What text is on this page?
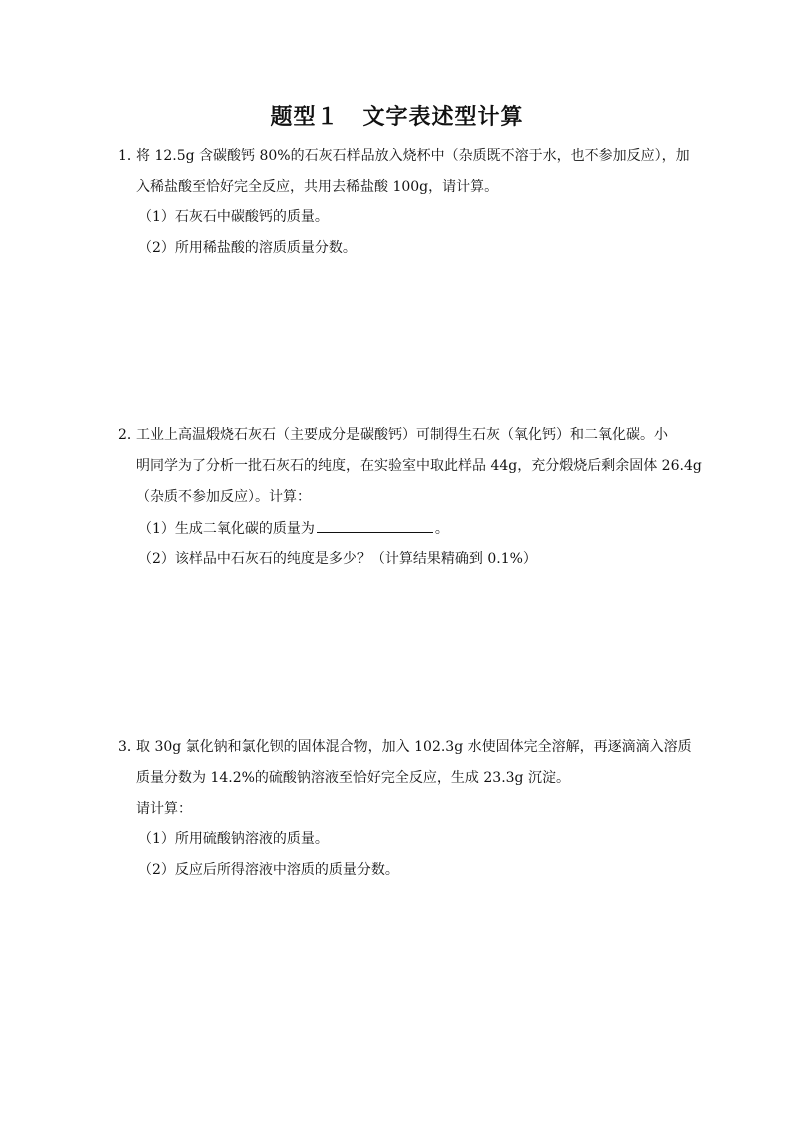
题型１　文字表述型计算
1．
将 12.5g 含碳酸钙 80%的石灰石样品放入烧杯中（杂质既不溶于水，也不参加反应），加
入稀盐酸至恰好完全反应，共用去稀盐酸 100g，请计算。
（1）石灰石中碳酸钙的质量。
（2）所用稀盐酸的溶质质量分数。
2．
工业上高温煅烧石灰石（主要成分是碳酸钙）可制得生石灰（氧化钙）和二氧化碳。小
明同学为了分析一批石灰石的纯度，在实验室中取此样品 44g，充分煅烧后剩余固体 26.4g
（杂质不参加反应）。计算：
（1）生成二氧化碳的质量为	。
（2）该样品中石灰石的纯度是多少？（计算结果精确到 0.1%）
3．
取 30g 氯化钠和氯化钡的固体混合物，加入 102.3g 水使固体完全溶解，再逐滴滴入溶质
质量分数为 14.2%的硫酸钠溶液至恰好完全反应，生成 23.3g 沉淀。
请计算：
（1）所用硫酸钠溶液的质量。
（2）反应后所得溶液中溶质的质量分数。
